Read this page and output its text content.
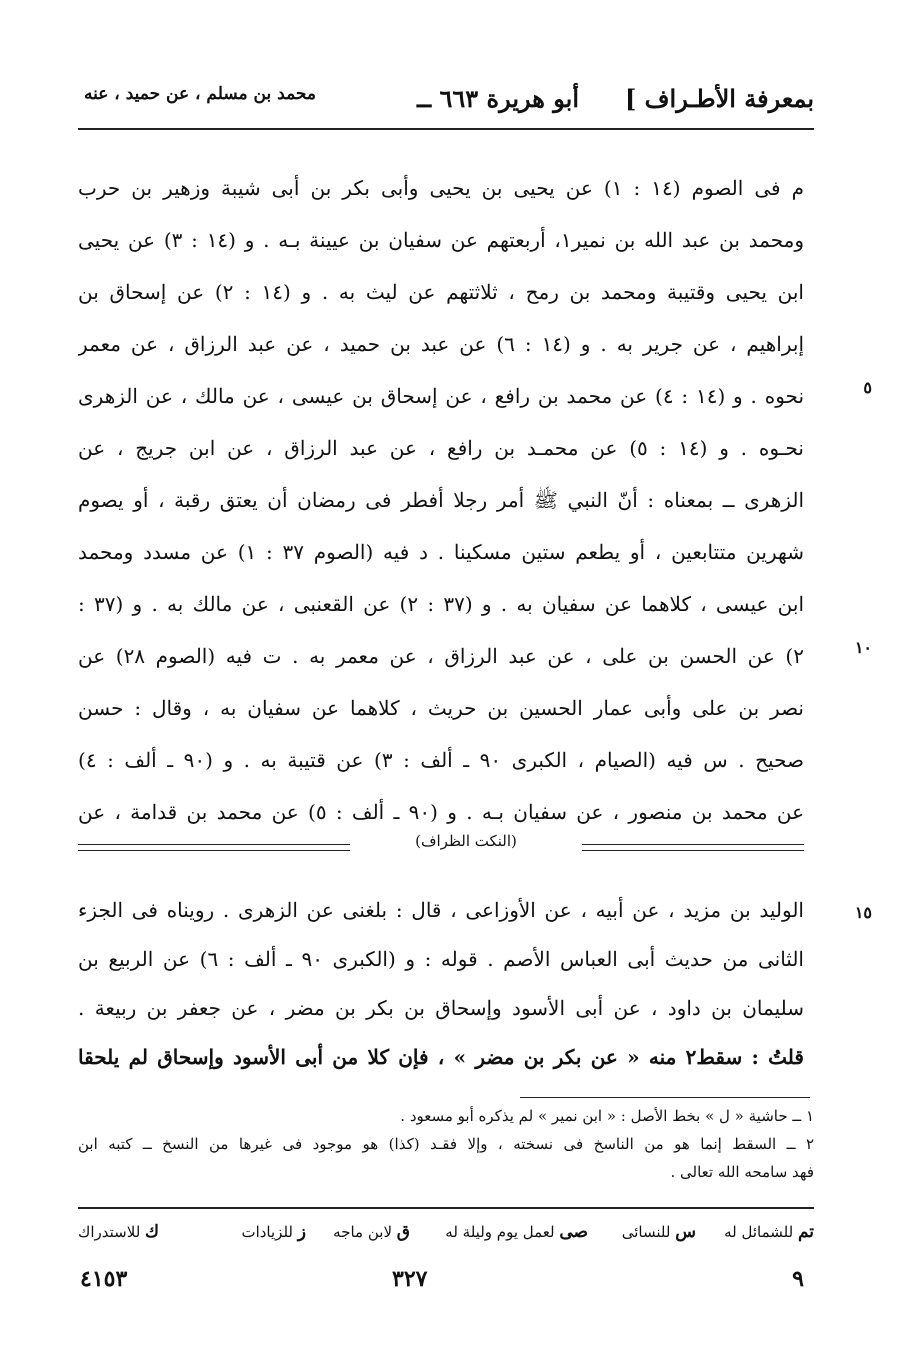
بمعرفة الأطـراف ]
أبو هريرة ٦٦٣ ــ
محمد بن مسلم ، عن حميد ، عنه
م فى الصوم (١٤ : ١) عن يحيى بن يحيى وأبى بكر بن أبى شيبة وزهير بن حرب
ومحمد بن عبد الله بن نمير١، أربعتهم عن سفيان بن عيينة بـه . و (١٤ : ٣) عن يحيى
ابن يحيى وقتيبة ومحمد بن رمح ، ثلاثتهم عن ليث به . و (١٤ : ٢) عن إسحاق بن
إبراهيم ، عن جرير به . و (١٤ : ٦) عن عبد بن حميد ، عن عبد الرزاق ، عن معمر
نحوه . و (١٤ : ٤) عن محمد بن رافع ، عن إسحاق بن عيسى ، عن مالك ، عن الزهرى
نحـوه . و (١٤ : ٥) عن محمـد بن رافع ، عن عبد الرزاق ، عن ابن جريج ، عن
الزهرى ــ بمعناه : أنّ النبي ﷺ أمر رجلا أفطر فى رمضان أن يعتق رقبة ، أو يصوم
شهرين متتابعين ، أو يطعم ستين مسكينا . د فيه (الصوم ٣٧ : ١) عن مسدد ومحمد
ابن عيسى ، كلاهما عن سفيان به . و (٣٧ : ٢) عن القعنبى ، عن مالك به . و (٣٧ :
٢) عن الحسن بن على ، عن عبد الرزاق ، عن معمر به . ت فيه (الصوم ٢٨) عن
نصر بن على وأبى عمار الحسين بن حريث ، كلاهما عن سفيان به ، وقال : حسن
صحيح . س فيه (الصيام ، الكبرى ٩٠ ـ ألف : ٣) عن قتيبة به . و (٩٠ ـ ألف : ٤)
عن محمد بن منصور ، عن سفيان بـه . و (٩٠ ـ ألف : ٥) عن محمد بن قدامة ، عن
٥
١٠
١٥
(النكت الظراف)
الوليد بن مزيد ، عن أبيه ، عن الأوزاعى ، قال : بلغنى عن الزهرى . رويناه فى الجزء
الثانى من حديث أبى العباس الأصم . قوله : و (الكبرى ٩٠ ـ ألف : ٦) عن الربيع بن
سليمان بن داود ، عن أبى الأسود وإسحاق بن بكر بن مضر ، عن جعفر بن ربيعة .
قلتُ : سقط٢ منه « عن بكر بن مضر » ، فإن كلا من أبى الأسود وإسحاق لم يلحقا
١ ــ حاشية « ل » بخط الأصل : « ابن نمير » لم يذكره أبو مسعود .
٢ ــ السقط إنما هو من الناسخ فى نسخته ، وإلا فقـد (كذا) هو موجود فى غيرها من النسخ ــ كتبه ابن
فهد سامحه الله تعالى .
تم للشمائل له
س للنسائى
صى لعمل يوم وليلة له
ق لابن ماجه
ز للزيادات
ك للاستدراك
٩
٣٢٧
٤١٥٣
